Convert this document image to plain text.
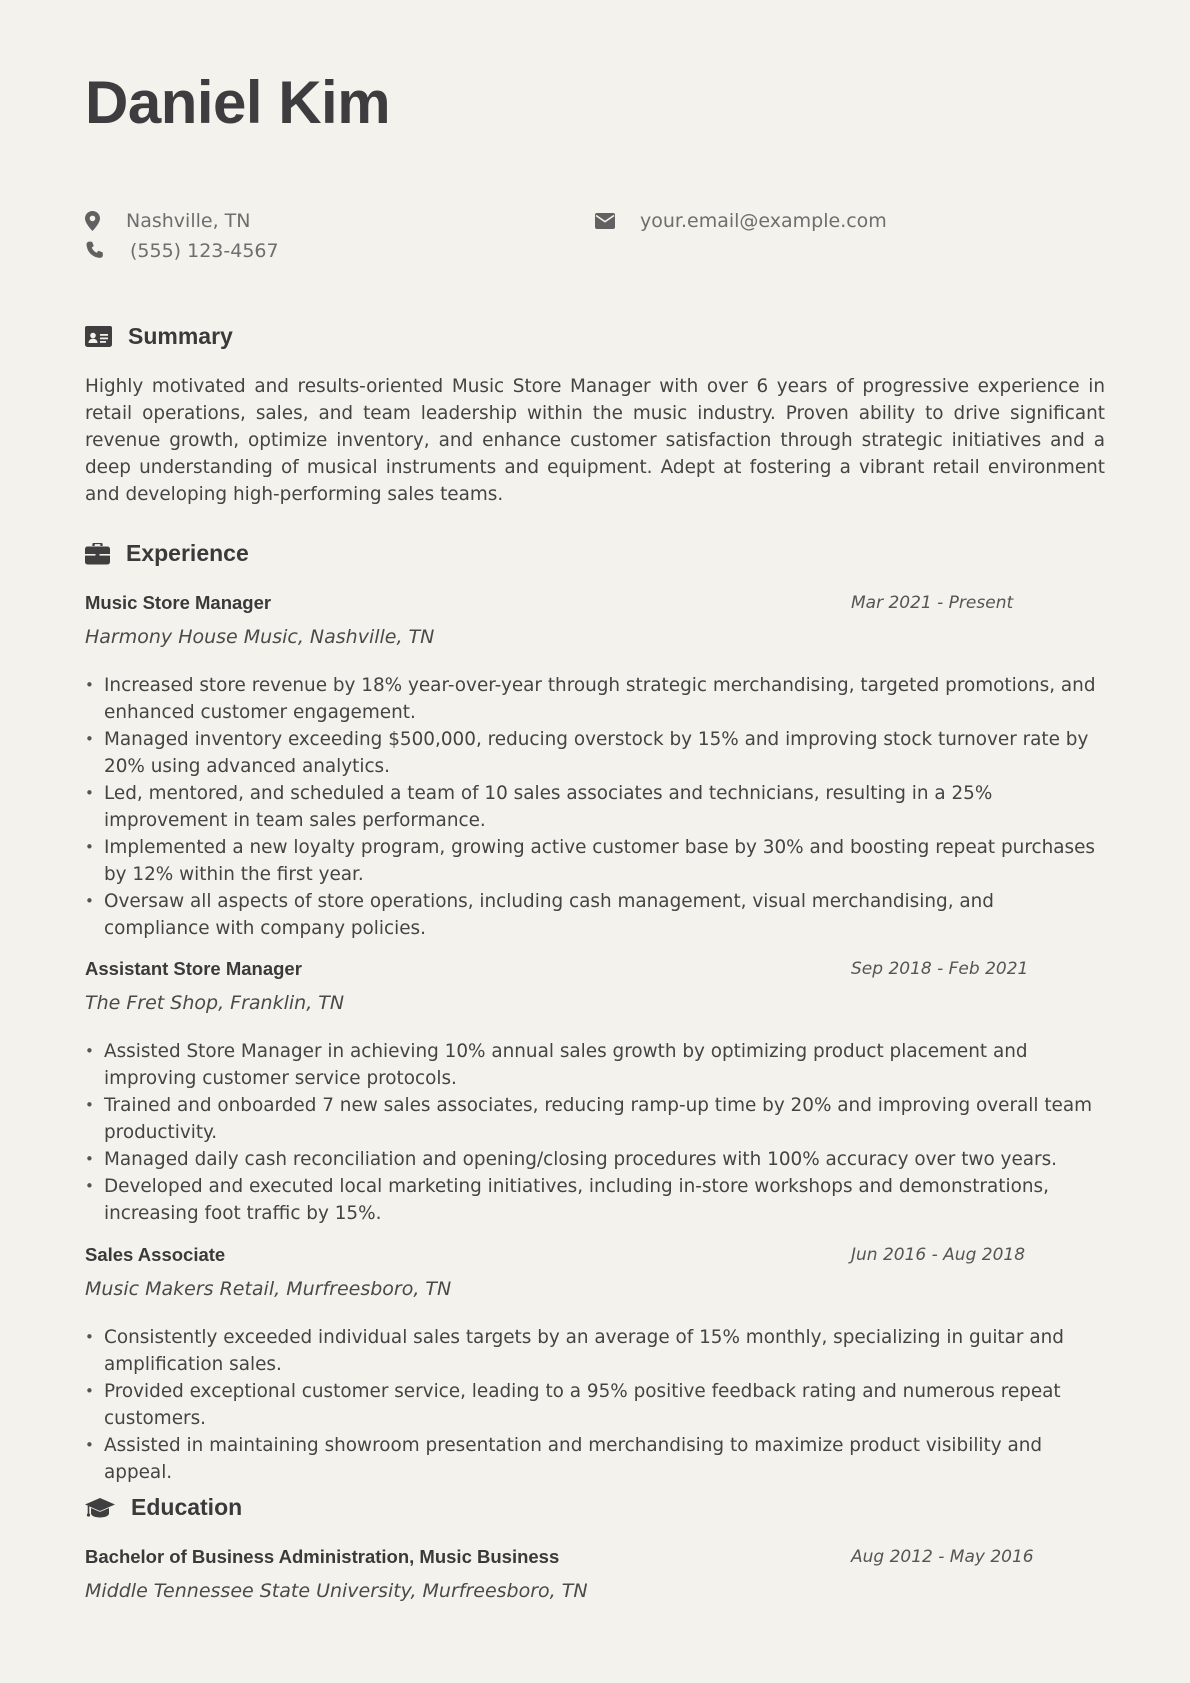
Daniel Kim
Nashville, TN
(555) 123-4567
your.email@example.com
Summary

Highly motivated and results-oriented Music Store Manager with over 6 years of progressive experience in retail operations, sales, and team leadership within the music industry. Proven ability to drive significant revenue growth, optimize inventory, and enhance customer satisfaction through strategic initiatives and a deep understanding of musical instruments and equipment. Adept at fostering a vibrant retail environment and developing high-performing sales teams.

Experience
Music Store Manager	Mar 2021 - Present
Harmony House Music, Nashville, TN
• Increased store revenue by 18% year-over-year through strategic merchandising, targeted promotions, and enhanced customer engagement.
• Managed inventory exceeding $500,000, reducing overstock by 15% and improving stock turnover rate by 20% using advanced analytics.
• Led, mentored, and scheduled a team of 10 sales associates and technicians, resulting in a 25% improvement in team sales performance.
• Implemented a new loyalty program, growing active customer base by 30% and boosting repeat purchases by 12% within the first year.
• Oversaw all aspects of store operations, including cash management, visual merchandising, and compliance with company policies.
Assistant Store Manager	Sep 2018 - Feb 2021
The Fret Shop, Franklin, TN
• Assisted Store Manager in achieving 10% annual sales growth by optimizing product placement and improving customer service protocols.
• Trained and onboarded 7 new sales associates, reducing ramp-up time by 20% and improving overall team productivity.
• Managed daily cash reconciliation and opening/closing procedures with 100% accuracy over two years.
• Developed and executed local marketing initiatives, including in-store workshops and demonstrations, increasing foot traffic by 15%.
Sales Associate	Jun 2016 - Aug 2018
Music Makers Retail, Murfreesboro, TN
• Consistently exceeded individual sales targets by an average of 15% monthly, specializing in guitar and amplification sales.
• Provided exceptional customer service, leading to a 95% positive feedback rating and numerous repeat customers.
• Assisted in maintaining showroom presentation and merchandising to maximize product visibility and appeal.
Education
Bachelor of Business Administration, Music Business	Aug 2012 - May 2016
Middle Tennessee State University, Murfreesboro, TN
